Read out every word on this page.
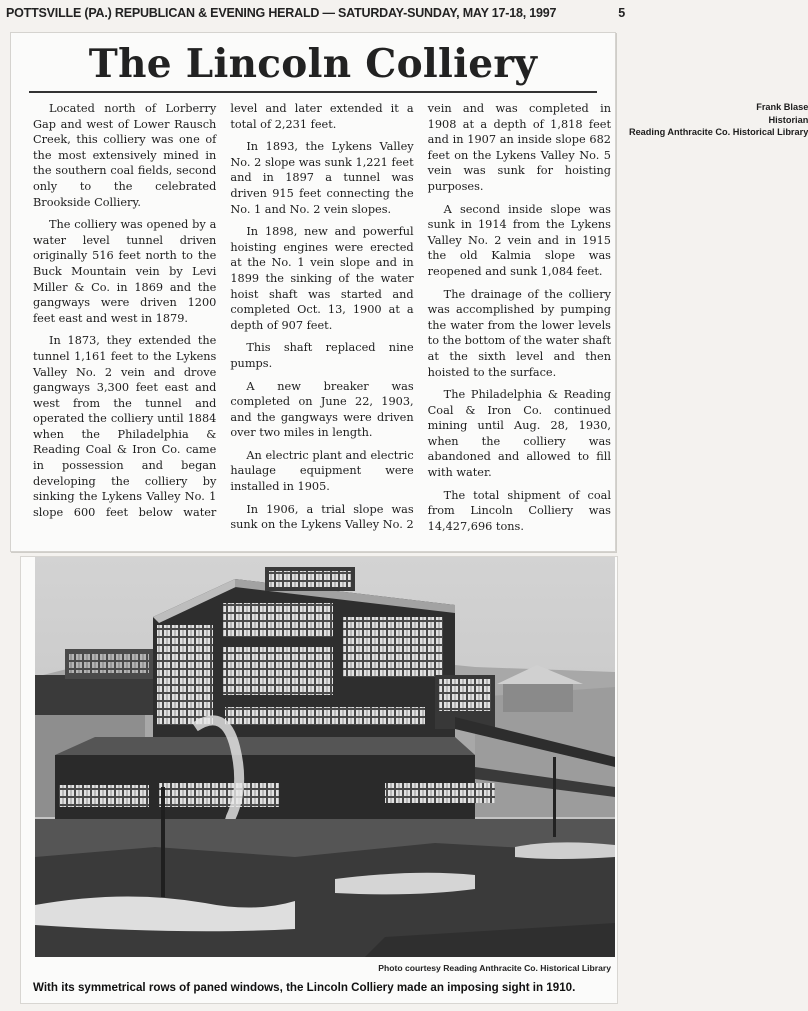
POTTSVILLE (PA.) REPUBLICAN & EVENING HERALD — SATURDAY-SUNDAY, MAY 17-18, 1997	5
The Lincoln Colliery

Located north of Lorberry Gap and west of Lower Rausch Creek, this colliery was one of the most extensively mined in the southern coal fields, second only to the celebrated Brookside Colliery.

The colliery was opened by a water level tunnel driven originally 516 feet north to the Buck Mountain vein by Levi Miller & Co. in 1869 and the gangways were driven 1200 feet east and west in 1879.

In 1873, they extended the tunnel 1,161 feet to the Lykens Valley No. 2 vein and drove gangways 3,300 feet east and west from the tunnel and operated the colliery until 1884 when the Philadelphia & Reading Coal & Iron Co. came in possession and began developing the colliery by sinking the Lykens Valley No. 1 slope 600 feet below water level and later extended it a total of 2,231 feet.

In 1893, the Lykens Valley No. 2 slope was sunk 1,221 feet and in 1897 a tunnel was driven 915 feet connecting the No. 1 and No. 2 vein slopes.

In 1898, new and powerful hoisting engines were erected at the No. 1 vein slope and in 1899 the sinking of the water hoist shaft was started and completed Oct. 13, 1900 at a depth of 907 feet.

This shaft replaced nine pumps.

A new breaker was completed on June 22, 1903, and the gangways were driven over two miles in length.

An electric plant and electric haulage equipment were installed in 1905.

In 1906, a trial slope was sunk on the Lykens Valley No. 2 vein and was completed in 1908 at a depth of 1,818 feet and in 1907 an inside slope 682 feet on the Lykens Valley No. 5 vein was sunk for hoisting purposes.

A second inside slope was sunk in 1914 from the Lykens Valley No. 2 vein and in 1915 the old Kalmia slope was reopened and sunk 1,084 feet.

The drainage of the colliery was accomplished by pumping the water from the lower levels to the bottom of the water shaft at the sixth level and then hoisted to the surface.

The Philadelphia & Reading Coal & Iron Co. continued mining until Aug. 28, 1930, when the colliery was abandoned and allowed to fill with water.

The total shipment of coal from Lincoln Colliery was 14,427,696 tons.

Frank Blase
Historian
Reading Anthracite Co. Historical Library
Photo courtesy Reading Anthracite Co. Historical Library
With its symmetrical rows of paned windows, the Lincoln Colliery made an imposing sight in 1910.
